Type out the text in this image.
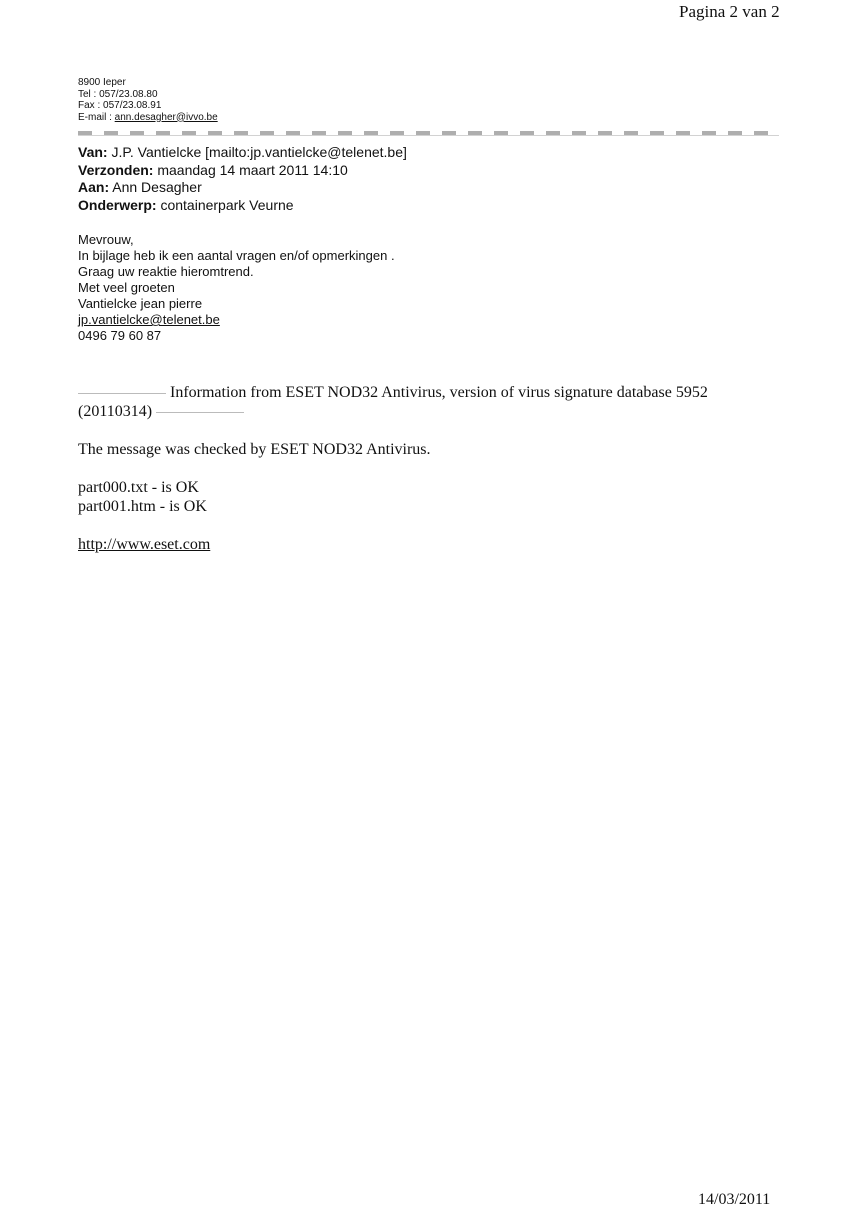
Pagina 2 van 2
8900 Ieper
Tel : 057/23.08.80
Fax : 057/23.08.91
E-mail : ann.desagher@ivvo.be
Van: J.P. Vantielcke [mailto:jp.vantielcke@telenet.be]
Verzonden: maandag 14 maart 2011 14:10
Aan: Ann Desagher
Onderwerp: containerpark Veurne
Mevrouw,
In bijlage heb ik een aantal vragen en/of opmerkingen .
Graag uw reaktie hieromtrend.
Met veel groeten
Vantielcke jean pierre
jp.vantielcke@telenet.be
0496 79 60 87

Information from ESET NOD32 Antivirus, version of virus signature database 5952

(20110314)

The message was checked by ESET NOD32 Antivirus.

part000.txt - is OK

part001.htm - is OK

http://www.eset.com

14/03/2011
